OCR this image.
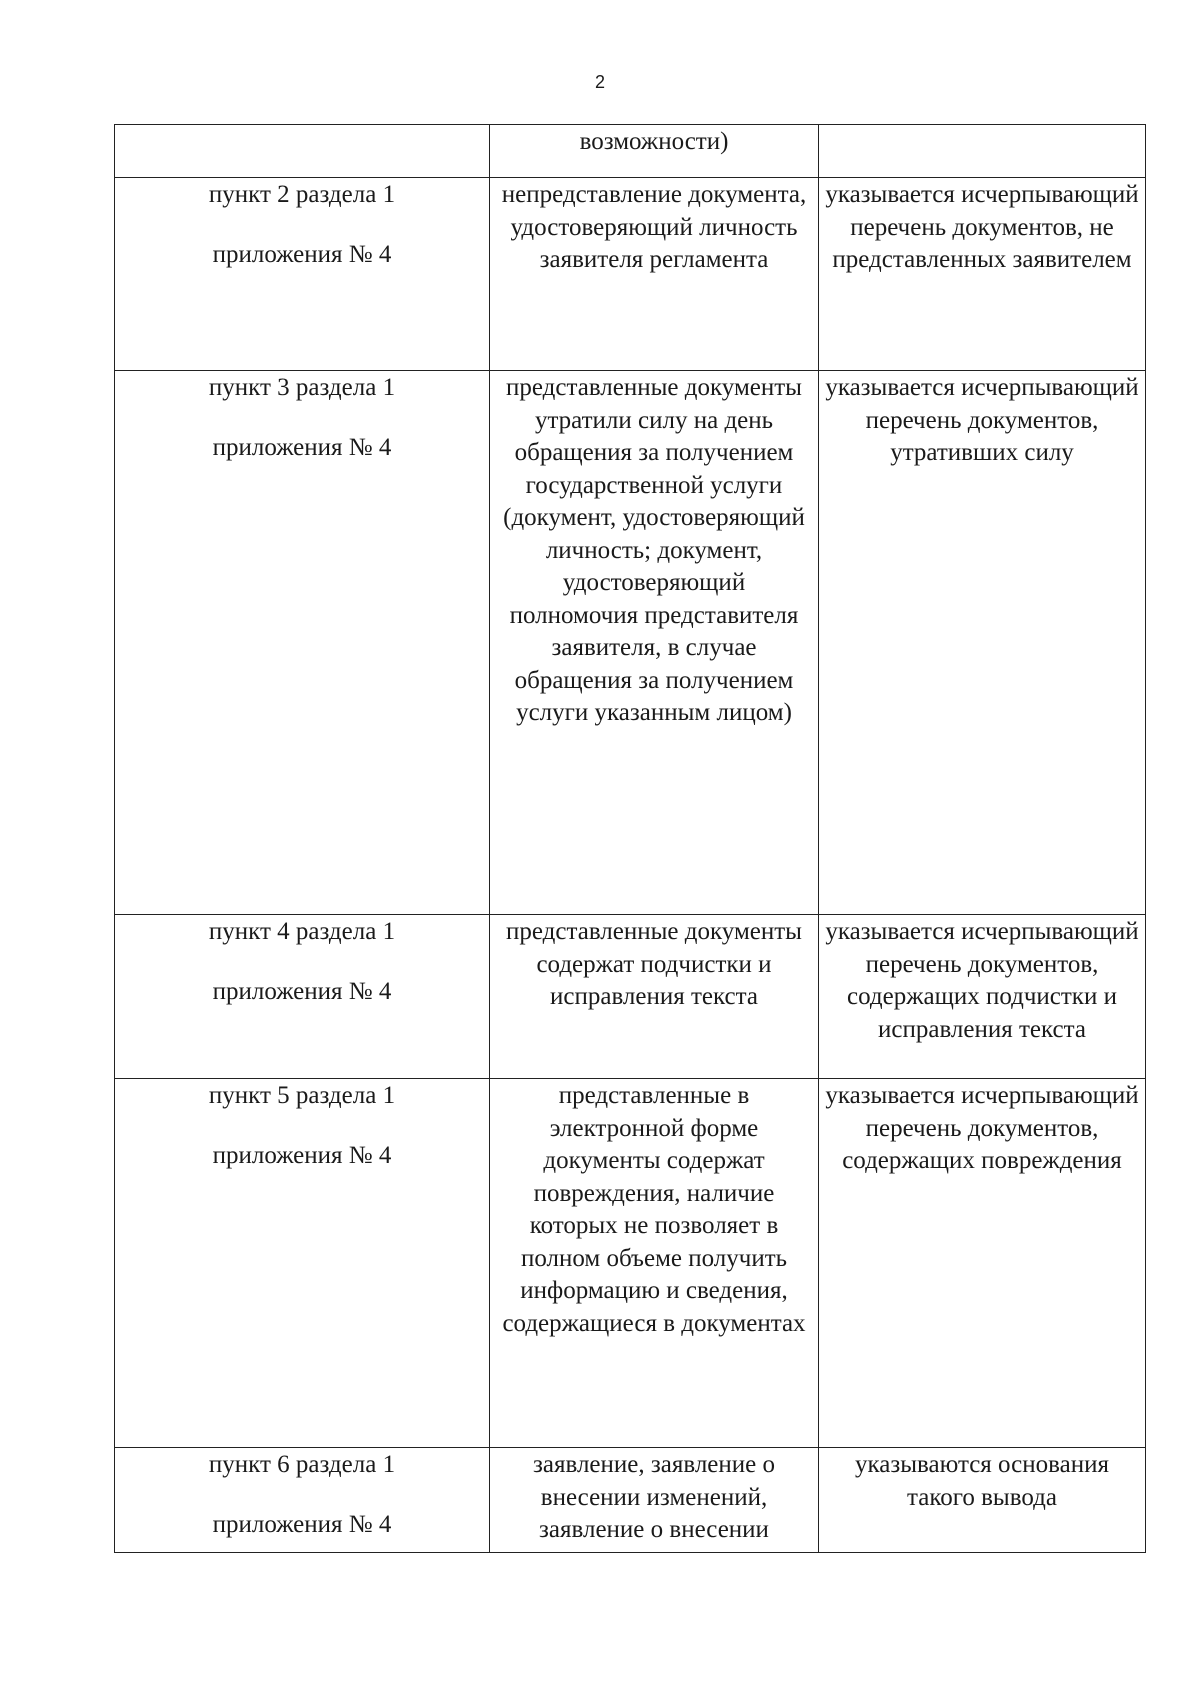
2
	возможности)	

пункт 2 раздела 1
приложения № 4	непредставление документа, удостоверяющий личность заявителя регламента	указывается исчерпывающий перечень документов, не представленных заявителем

пункт 3 раздела 1
приложения № 4	представленные документы утратили силу на день обращения за получением государственной услуги (документ, удостоверяющий личность; документ, удостоверяющий полномочия представителя заявителя, в случае обращения за получением услуги указанным лицом)	указывается исчерпывающий перечень документов, утративших силу

пункт 4 раздела 1
приложения № 4	представленные документы содержат подчистки и исправления текста	указывается исчерпывающий перечень документов, содержащих подчистки и исправления текста

пункт 5 раздела 1
приложения № 4	представленные в электронной форме документы содержат повреждения, наличие которых не позволяет в полном объеме получить информацию и сведения, содержащиеся в документах	указывается исчерпывающий перечень документов, содержащих повреждения

пункт 6 раздела 1
приложения № 4	заявление, заявление о внесении изменений, заявление о внесении	указываются основания такого вывода
